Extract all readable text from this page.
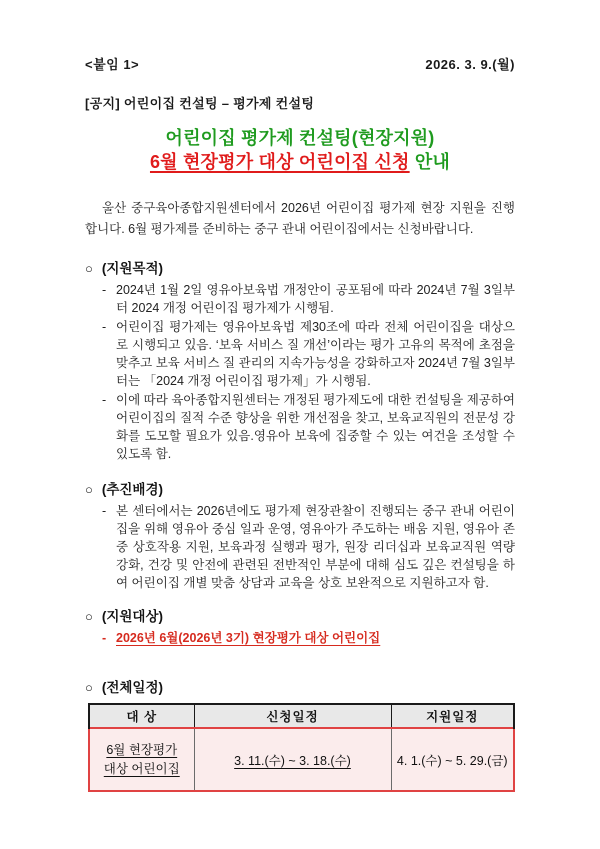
<붙임 1>	2026. 3. 9.(월)
[공지] 어린이집 컨설팅 – 평가제 컨설팅
어린이집 평가제 컨설팅(현장지원)
6월 현장평가 대상 어린이집 신청 안내

울산 중구육아종합지원센터에서 2026년 어린이집 평가제 현장 지원을 진행합니다. 6월 평가제를 준비하는 중구 관내 어린이집에서는 신청바랍니다.

○ (지원목적)
- 2024년 1월 2일 영유아보육법 개정안이 공포됨에 따라 2024년 7월 3일부터 2024 개정 어린이집 평가제가 시행됨.

- 어린이집 평가제는 영유아보육법 제30조에 따라 전체 어린이집을 대상으로 시행되고 있음. ‘보육 서비스 질 개선’이라는 평가 고유의 목적에 초점을 맞추고 보육 서비스 질 관리의 지속가능성을 강화하고자 2024년 7월 3일부터는 「2024 개정 어린이집 평가제」가 시행됨.

- 이에 따라 육아종합지원센터는 개정된 평가제도에 대한 컨설팅을 제공하여 어린이집의 질적 수준 향상을 위한 개선점을 찾고, 보육교직원의 전문성 강화를 도모할 필요가 있음.영유아 보육에 집중할 수 있는 여건을 조성할 수 있도록 함.

○ (추진배경)
- 본 센터에서는 2026년에도 평가제 현장관찰이 진행되는 중구 관내 어린이집을 위해 영유아 중심 일과 운영, 영유아가 주도하는 배움 지원, 영유아 존중 상호작용 지원, 보육과정 실행과 평가, 원장 리더십과 보육교직원 역량 강화, 건강 및 안전에 관련된 전반적인 부분에 대해 심도 깊은 컨설팅을 하여 어린이집 개별 맞춤 상담과 교육을 상호 보완적으로 지원하고자 함.

○ (지원대상)
- 2026년 6월(2026년 3기) 현장평가 대상 어린이집

○ (전체일정)
대 상	신청일정	지원일정
6월 현장평가 대상 어린이집	3. 11.(수) ~ 3. 18.(수)	4. 1.(수) ~ 5. 29.(금)
